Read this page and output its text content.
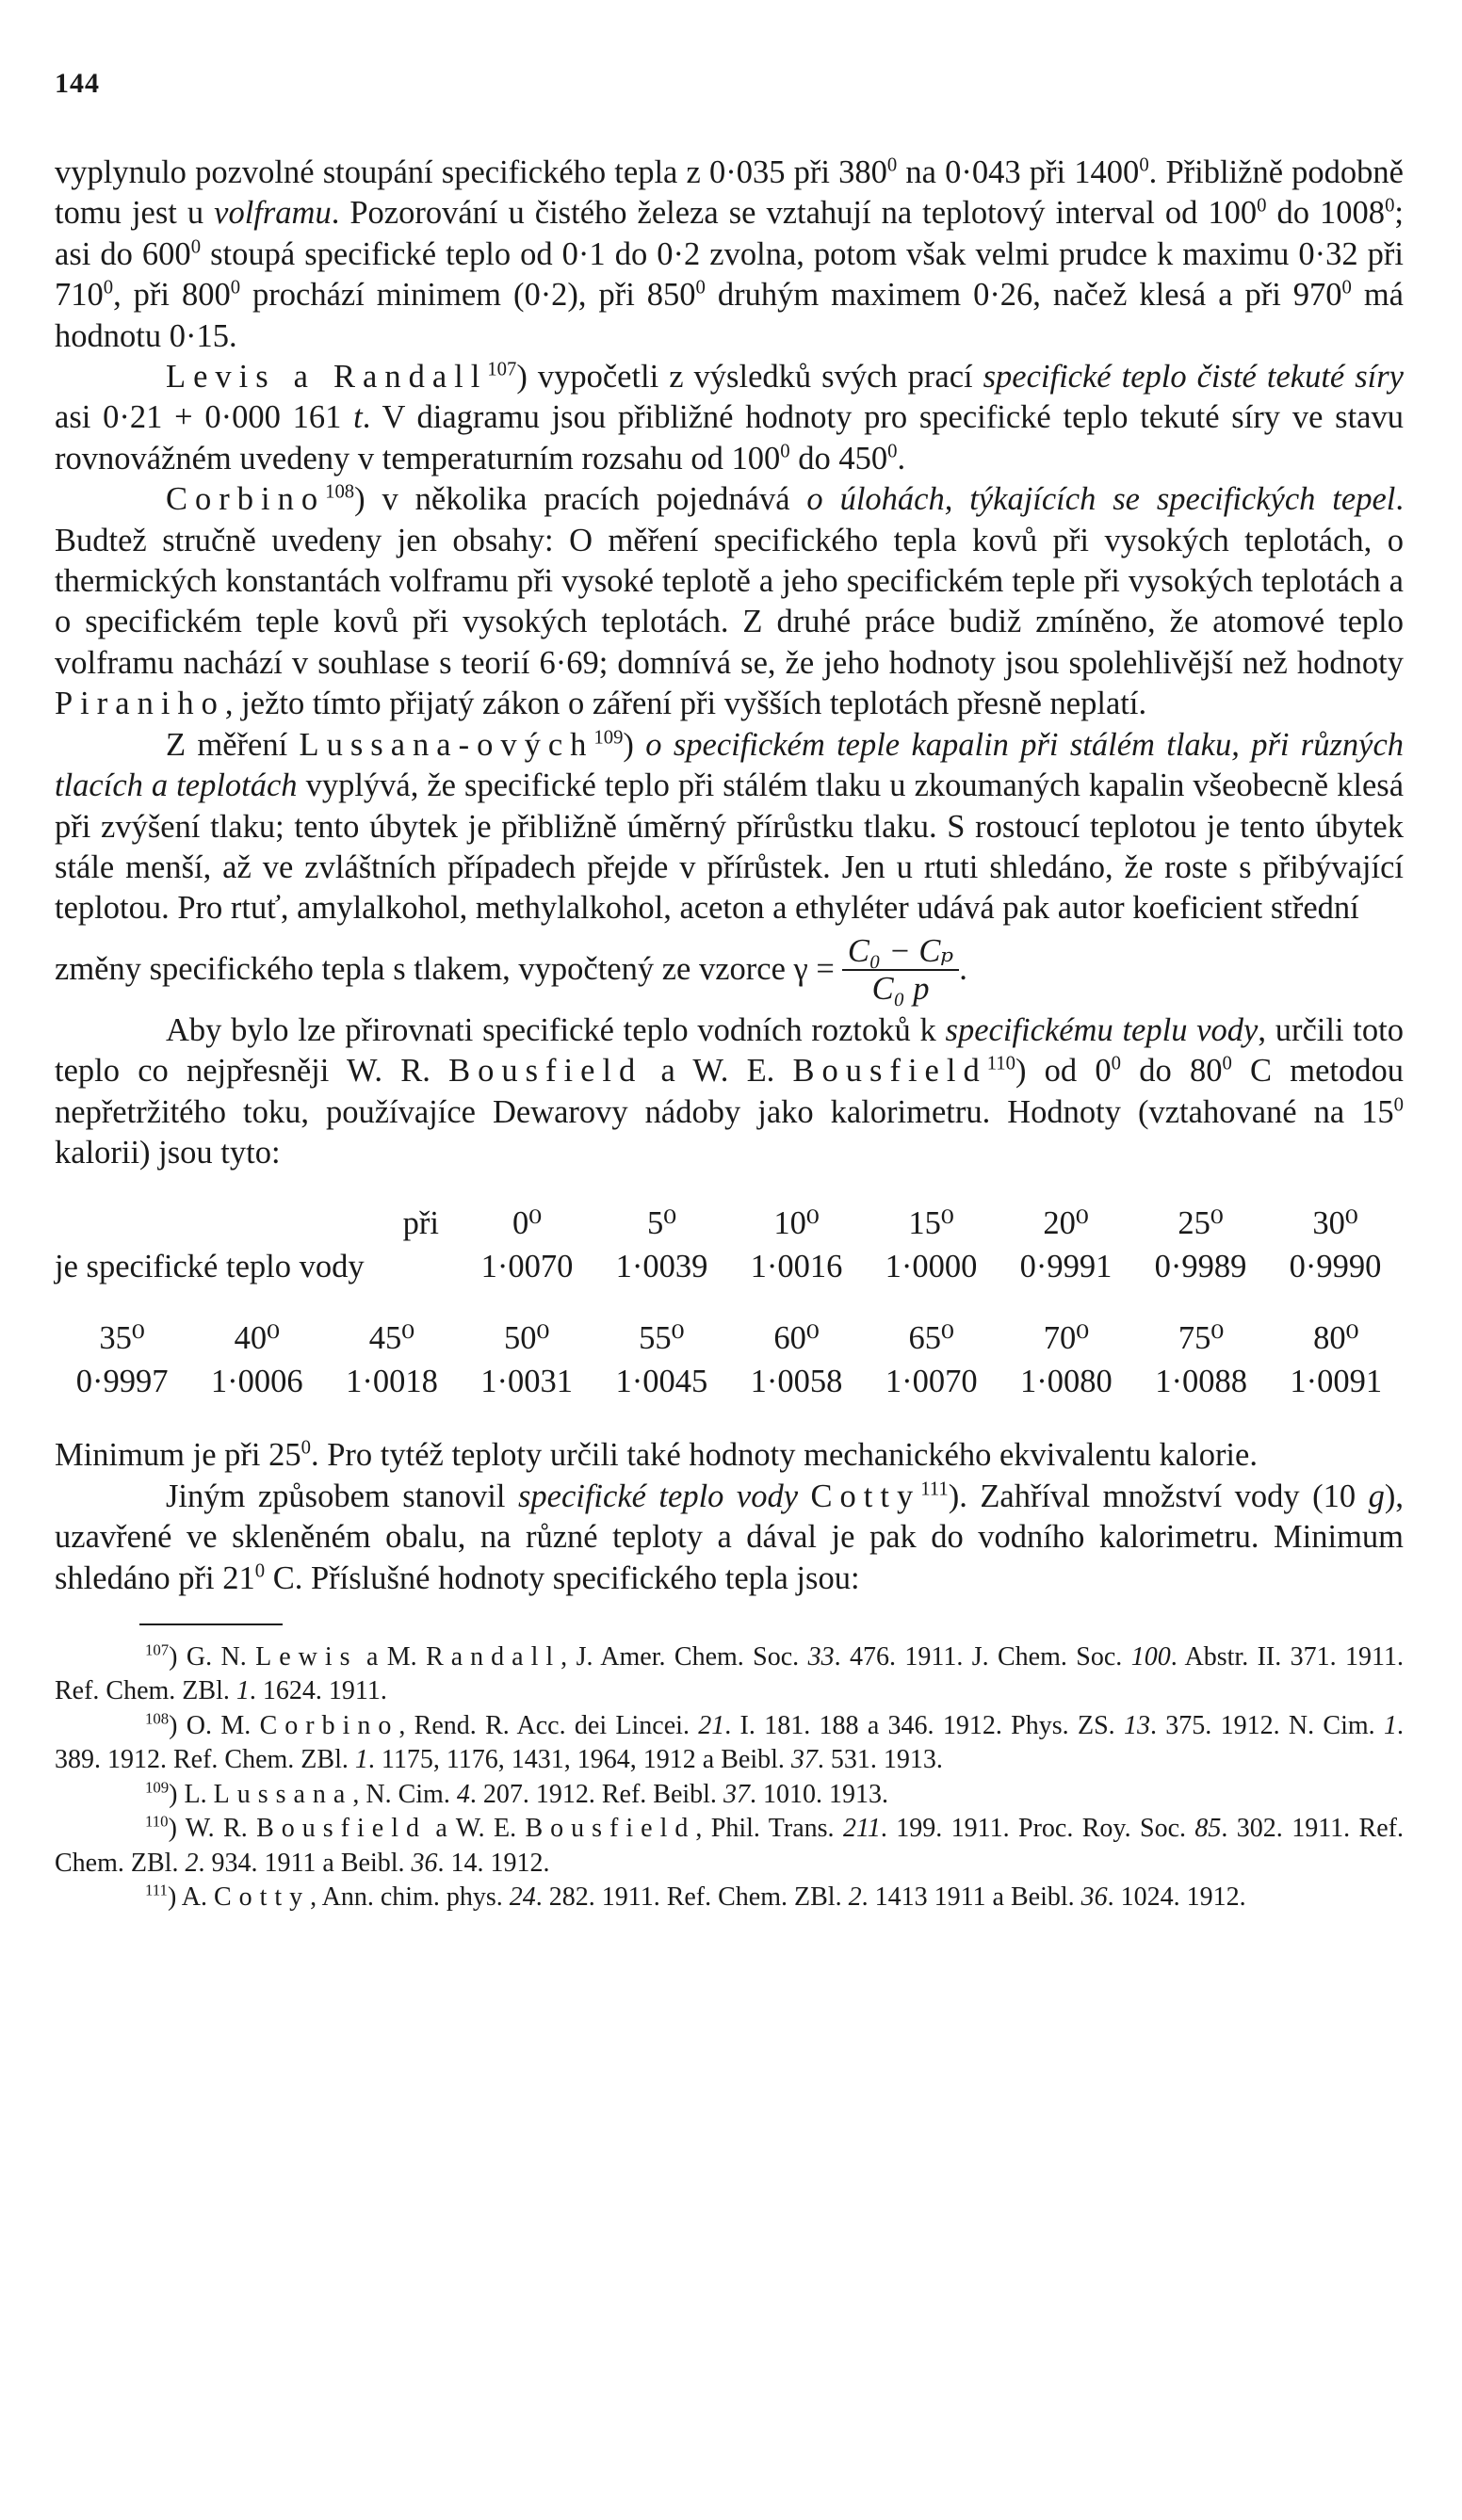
144

vyplynulo pozvolné stoupání specifického tepla z 0·035 při $380^0$ na 0·043 při 1400$^0$. Přibližně podobně tomu jest u volframu. Pozorování u čistého železa se vztahují na teplotový interval od $100^0$ do 1008$^0$; asi do $600^0$ stoupá specifické teplo od 0·1 do 0·2 zvolna, potom však velmi prudce k maximu 0·32 při $710^0$, při $800^0$ prochází minimem (0·2), při $850^0$ druhým maximem 0·26, načež klesá a při $970^0$ má hodnotu 0·15.

Levis a Randall$^{107}$) vypočetli z výsledků svých prací specifické teplo čisté tekuté síry asi 0·21 + 0·000 161 t. V diagramu jsou přibližné hodnoty pro specifické teplo tekuté síry ve stavu rovnovážném uvedeny v temperaturním rozsahu od $100^0$ do $450^0$.

Corbino$^{108}$) v několika pracích pojednává o úlohách, týkajících se specifických tepel. Budtež stručně uvedeny jen obsahy: O měření specifického tepla kovů při vysokých teplotách, o thermických konstantách volframu při vysoké teplotě a jeho specifickém teple při vysokých teplotách a o specifickém teple kovů při vysokých teplotách. Z druhé práce budiž zmíněno, že atomové teplo volframu nachází v souhlase s teorií 6·69; domnívá se, že jeho hodnoty jsou spolehlivější než hodnoty Piraniho, ježto tímto přijatý zákon o záření při vyšších teplotách přesně neplatí.

Z měření Lussana-ových$^{109}$) o specifickém teple kapalin při stálém tlaku, při různých tlacích a teplotách vyplývá, že specifické teplo při stálém tlaku u zkoumaných kapalin všeobecně klesá při zvýšení tlaku; tento úbytek je přibližně úměrný přírůstku tlaku. S rostoucí teplotou je tento úbytek stále menší, až ve zvláštních případech přejde v přírůstek. Jen u rtuti shledáno, že roste s přibývající teplotou. Pro rtuť, amylalkohol, methylalkohol, aceton a ethyléter udává pak autor koeficient střední

změny specifického tepla s tlakem, vypočtený ze vzorce $\gamma = \frac{\text{C₀ − Cₚ}}{\text{C₀ p}}$ .

Aby bylo lze přirovnati specifické teplo vodních roztoků k specifickému teplu vody, určili toto teplo co nejpřesněji W. R. Bousfield a W. E. Bousfield$^{110}$) od $0^0$ do $80^0$ C metodou nepřetržitého toku, používajíce Dewarovy nádoby jako kalorimetru. Hodnoty (vztahované na $15^0$ kalorii) jsou tyto:

při	0⁰	5⁰	10⁰	15⁰	20⁰	25⁰	30⁰
je specifické teplo vody	1·0070	1·0039	1·0016	1·0000	0·9991	0·9989	0·9990
35⁰	40⁰	45⁰	50⁰	55⁰	60⁰	65⁰	70⁰	75⁰	80⁰
0·9997	1·0006	1·0018	1·0031	1·0045	1·0058	1·0070	1·0080	1·0088	1·0091

Minimum je při $25^0$. Pro tytéž teploty určili také hodnoty mechanického ekvivalentu kalorie.

Jiným způsobem stanovil specifické teplo vody Cotty$^{111}$). Zahříval množství vody (10 g), uzavřené ve skleněném obalu, na různé teploty a dával je pak do vodního kalorimetru. Minimum shledáno při $21^0$ C. Příslušné hodnoty specifického tepla jsou:

$^{107}$) G. N. Lewis a M. Randall, J. Amer. Chem. Soc. 33. 476. 1911. J. Chem. Soc. 100. Abstr. II. 371. 1911. Ref. Chem. ZBl. 1. 1624. 1911.

$^{108}$) O. M. Corbino, Rend. R. Acc. dei Lincei. 21. I. 181. 188 a 346. 1912. Phys. ZS. 13. 375. 1912. N. Cim. 1. 389. 1912. Ref. Chem. ZBl. 1. 1175, 1176, 1431, 1964, 1912 a Beibl. 37. 531. 1913.

$^{109}$) L. Lussana, N. Cim. 4. 207. 1912. Ref. Beibl. 37. 1010. 1913.

$^{110}$) W. R. Bousfield a W. E. Bousfield, Phil. Trans. 211. 199. 1911. Proc. Roy. Soc. 85. 302. 1911. Ref. Chem. ZBl. 2. 934. 1911 a Beibl. 36. 14. 1912.

$^{111}$) A. Cotty, Ann. chim. phys. 24. 282. 1911. Ref. Chem. ZBl. 2. 1413 1911 a Beibl. 36. 1024. 1912.
